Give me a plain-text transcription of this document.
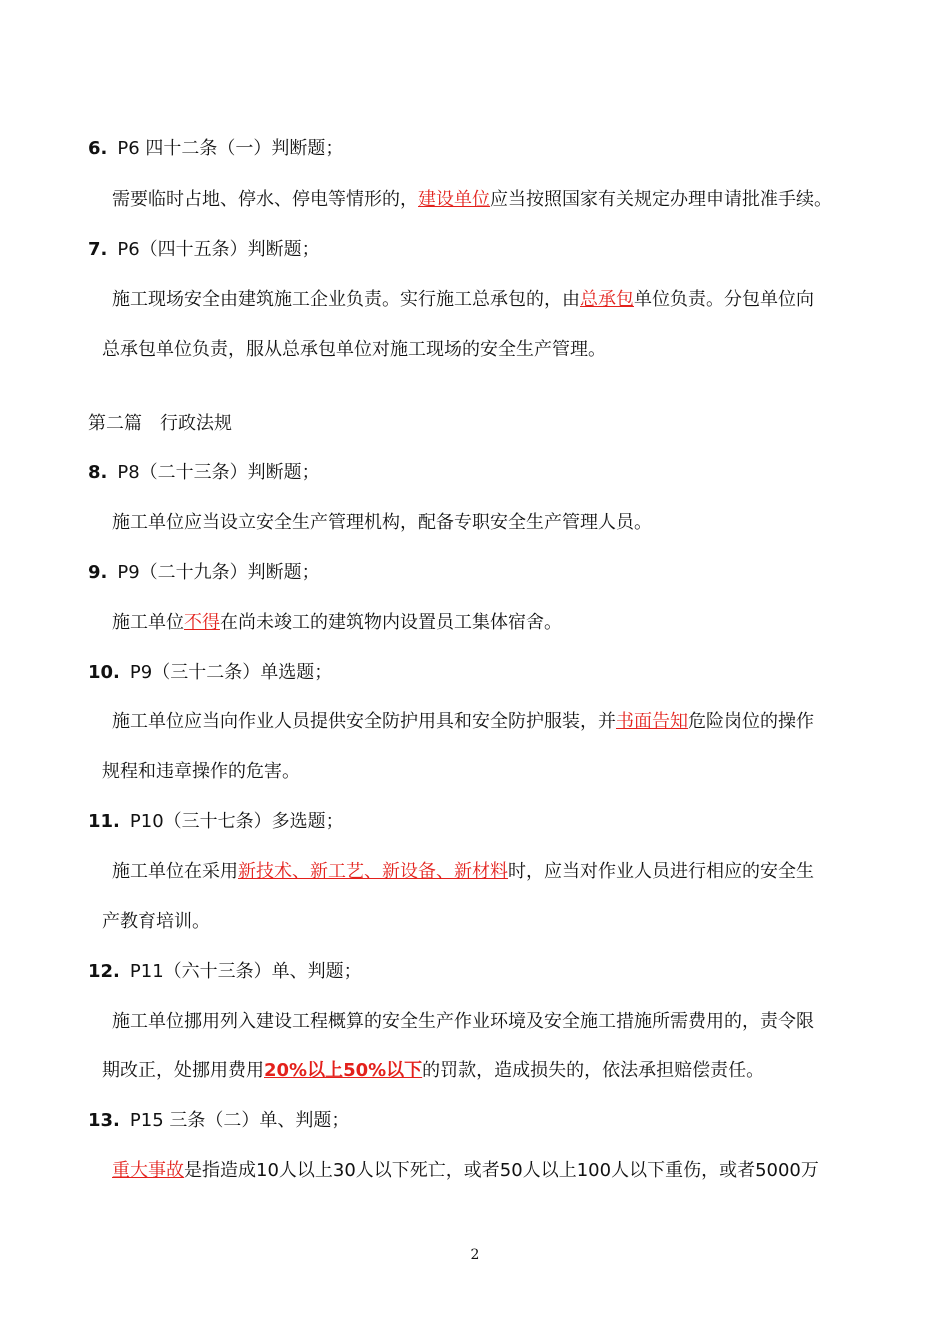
6. P6 四十二条（一）判断题；
需要临时占地、停水、停电等情形的，建设单位应当按照国家有关规定办理申请批准手续。
7. P6（四十五条）判断题；
施工现场安全由建筑施工企业负责。实行施工总承包的，由总承包单位负责。分包单位向
总承包单位负责，服从总承包单位对施工现场的安全生产管理。
第二篇　行政法规
8. P8（二十三条）判断题；
施工单位应当设立安全生产管理机构，配备专职安全生产管理人员。
9. P9（二十九条）判断题；
施工单位不得在尚未竣工的建筑物内设置员工集体宿舍。
10. P9（三十二条）单选题；
施工单位应当向作业人员提供安全防护用具和安全防护服装，并书面告知危险岗位的操作
规程和违章操作的危害。
11. P10（三十七条）多选题；
施工单位在采用新技术、新工艺、新设备、新材料时，应当对作业人员进行相应的安全生
产教育培训。
12. P11（六十三条）单、判题；
施工单位挪用列入建设工程概算的安全生产作业环境及安全施工措施所需费用的，责令限
期改正，处挪用费用20%以上50%以下的罚款，造成损失的，依法承担赔偿责任。
13. P15 三条（二）单、判题；
重大事故是指造成10人以上30人以下死亡，或者50人以上100人以下重伤，或者5000万
2
